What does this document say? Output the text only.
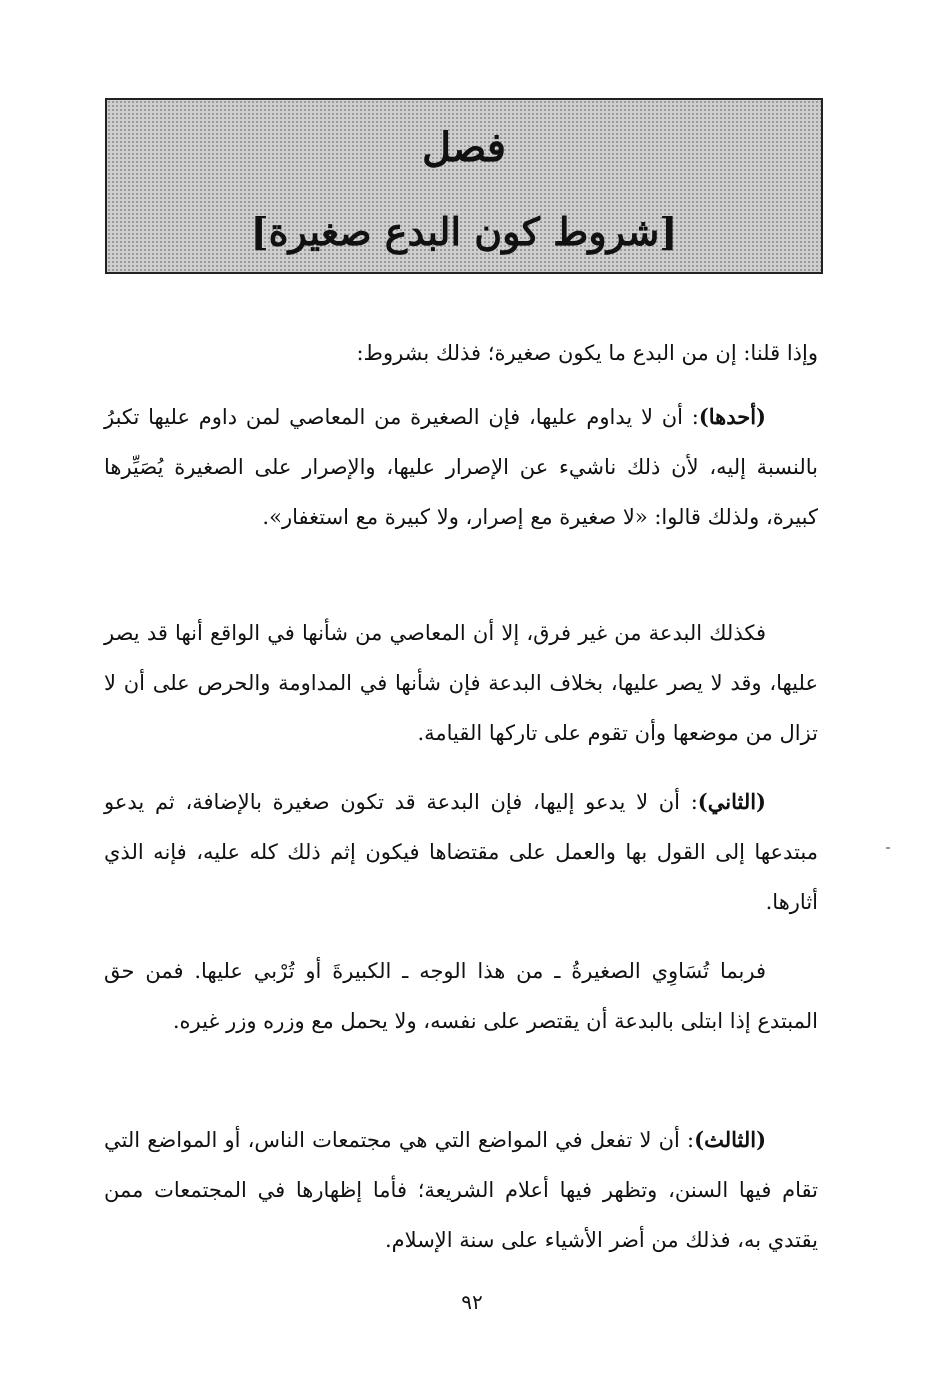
فصل
[شروط كون البدع صغيرة]

وإذا قلنا: إن من البدع ما يكون صغيرة؛ فذلك بشروط:

(أحدها): أن لا يداوم عليها، فإن الصغيرة من المعاصي لمن داوم عليها تكبرُ بالنسبة إليه، لأن ذلك ناشيء عن الإصرار عليها، والإصرار على الصغيرة يُصَيِّرها كبيرة، ولذلك قالوا: «لا صغيرة مع إصرار، ولا كبيرة مع استغفار».

فكذلك البدعة من غير فرق، إلا أن المعاصي من شأنها في الواقع أنها قد يصر عليها، وقد لا يصر عليها، بخلاف البدعة فإن شأنها في المداومة والحرص على أن لا تزال من موضعها وأن تقوم على تاركها القيامة.

(الثاني): أن لا يدعو إليها، فإن البدعة قد تكون صغيرة بالإضافة، ثم يدعو مبتدعها إلى القول بها والعمل على مقتضاها فيكون إثم ذلك كله عليه، فإنه الذي أثارها.

فربما تُسَاوِي الصغيرةُ ـ من هذا الوجه ـ الكبيرةَ أو تُرْبي عليها. فمن حق المبتدع إذا ابتلى بالبدعة أن يقتصر على نفسه، ولا يحمل مع وزره وزر غيره.

(الثالث): أن لا تفعل في المواضع التي هي مجتمعات الناس، أو المواضع التي تقام فيها السنن، وتظهر فيها أعلام الشريعة؛ فأما إظهارها في المجتمعات ممن يقتدي به، فذلك من أضر الأشياء على سنة الإسلام.

٩٢
